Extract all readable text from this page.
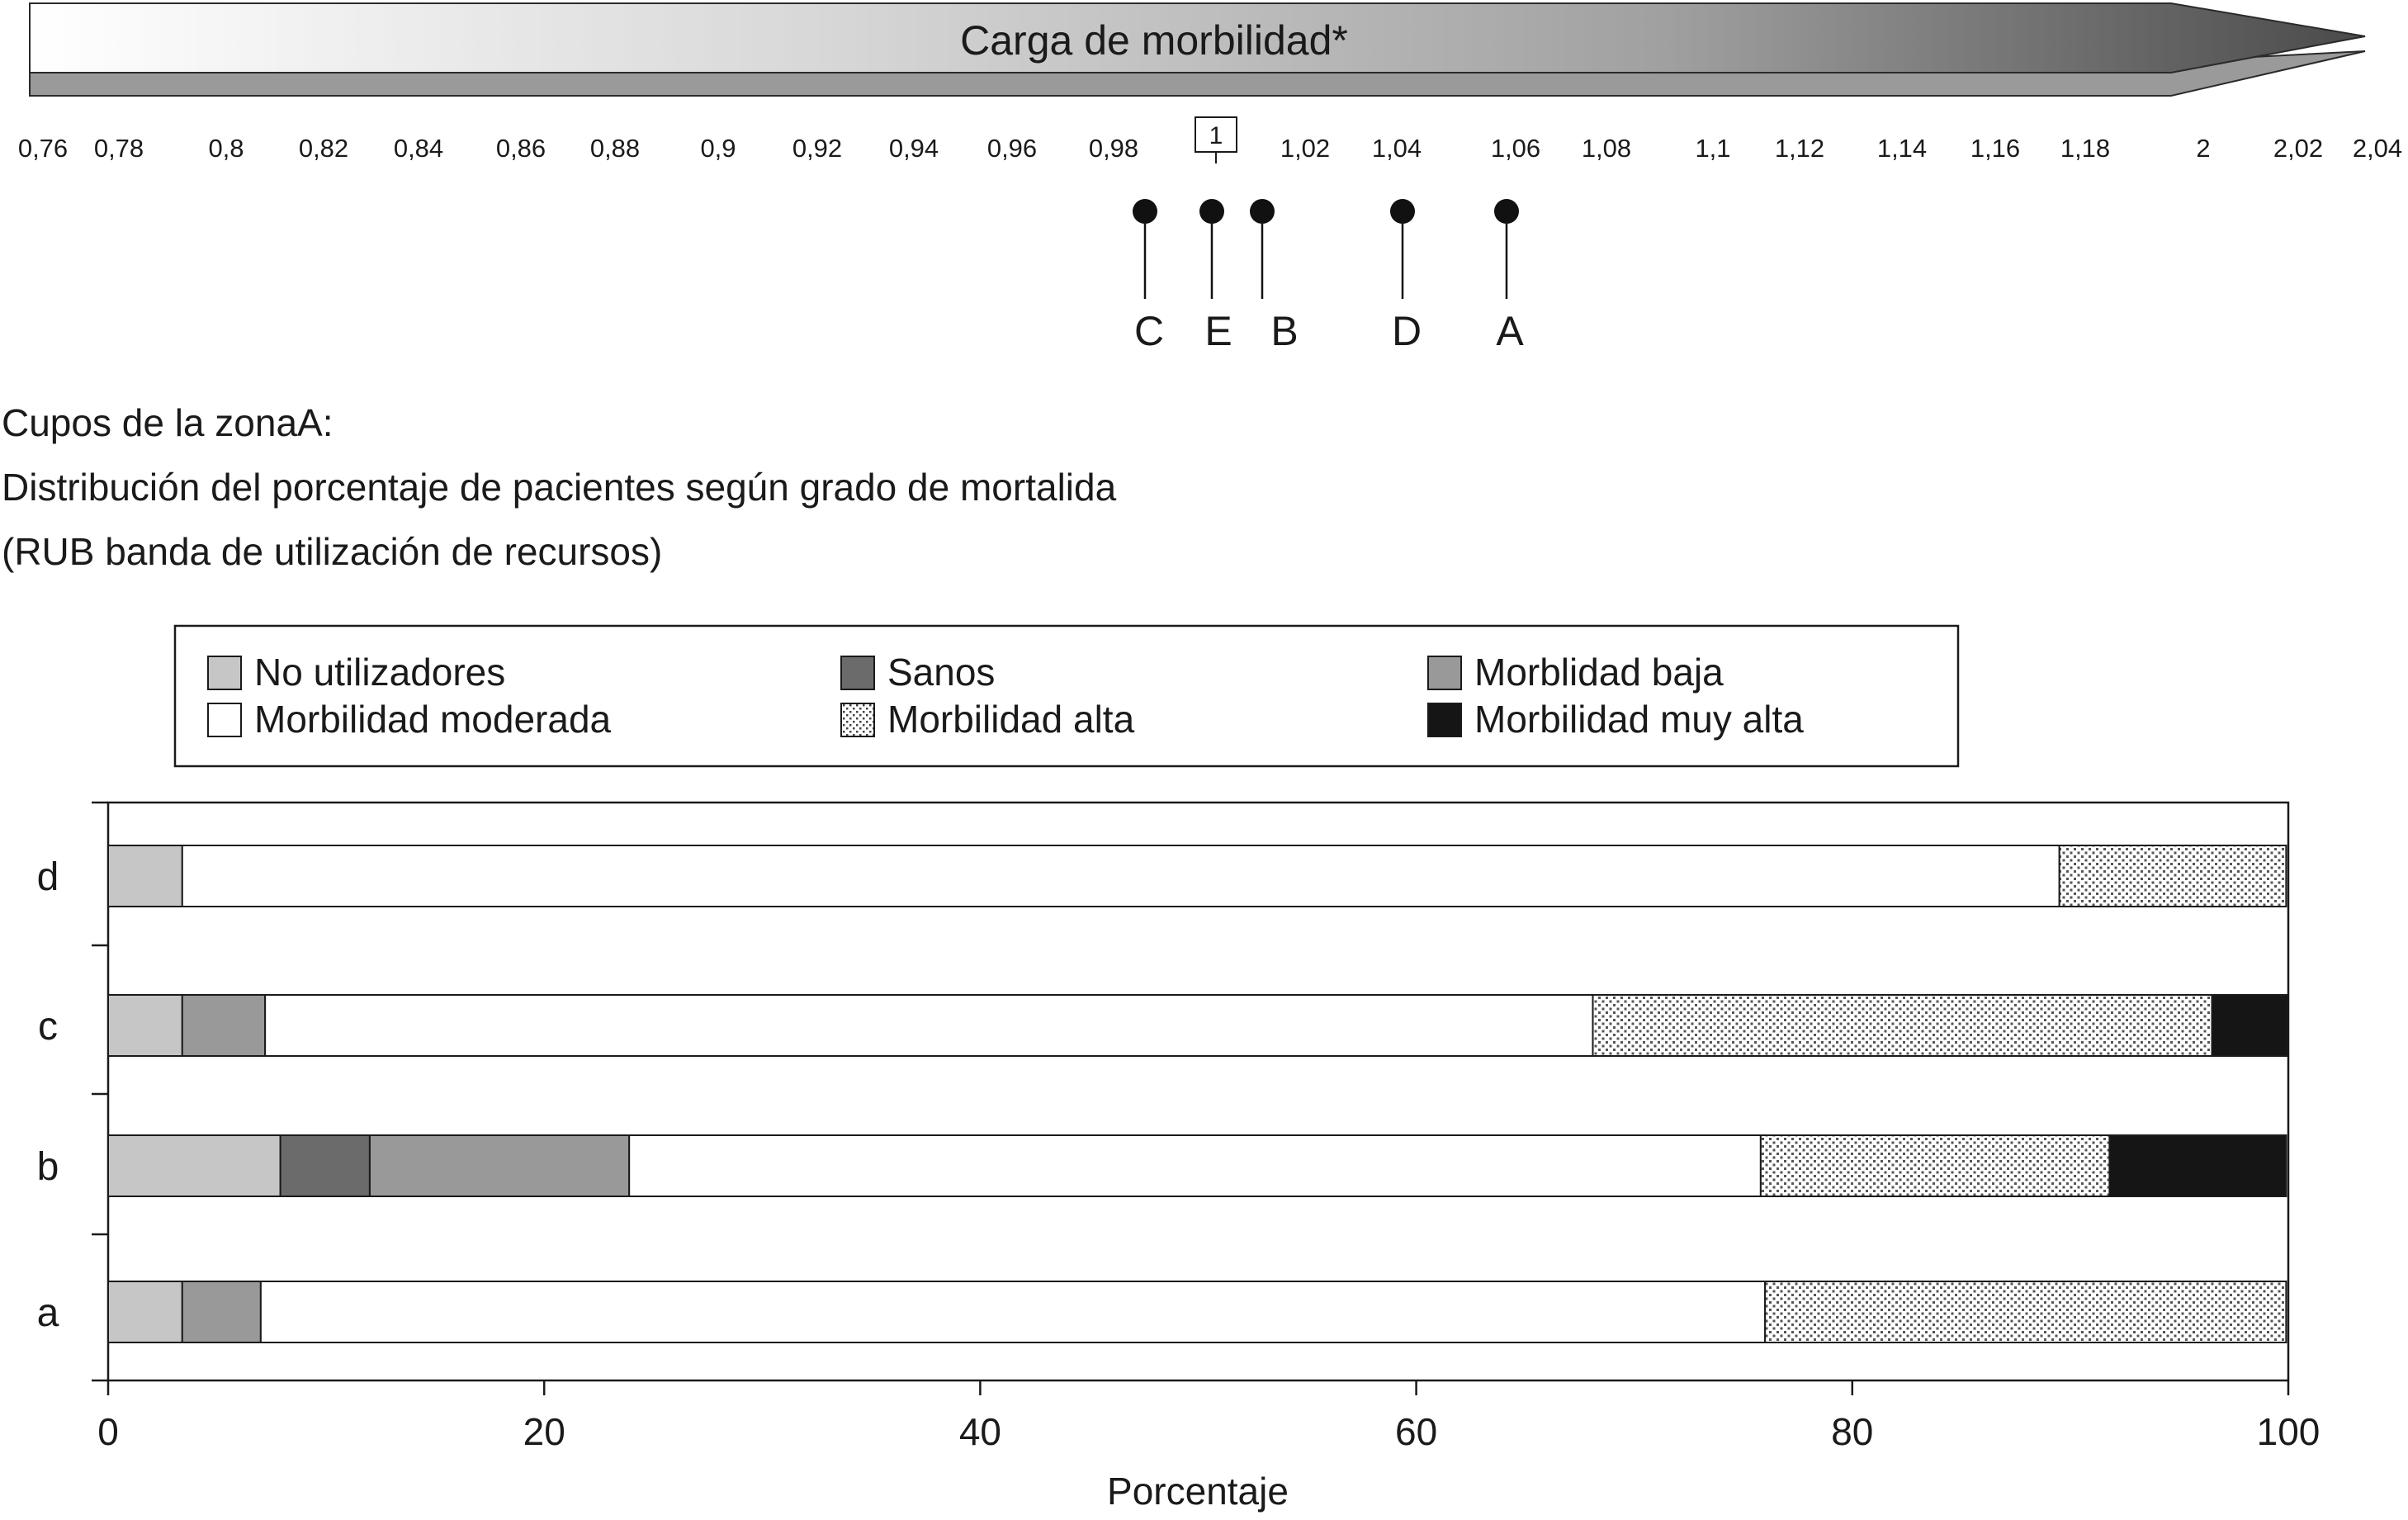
Carga de morbilidad*
0,76 0,78	0,8 0,82 0,84 0,86 0,88 0,9 0,92 0,94 0,96 0,98	1,02 1,04	1,06 1,08 1,1 1,12 1,14 1,16 1,18	2 2,02 2,04
1
C E B D A
Cupos de la zonaA:
Distribución del porcentaje de pacientes según grado de mortalida
(RUB banda de utilización de recursos)
No utilizadores	Sanos	Morblidad baja
Morbilidad moderada	Morbilidad alta	Morbilidad muy alta
a
b
c
d
0	20	40	60	80	100
Porcentaje
